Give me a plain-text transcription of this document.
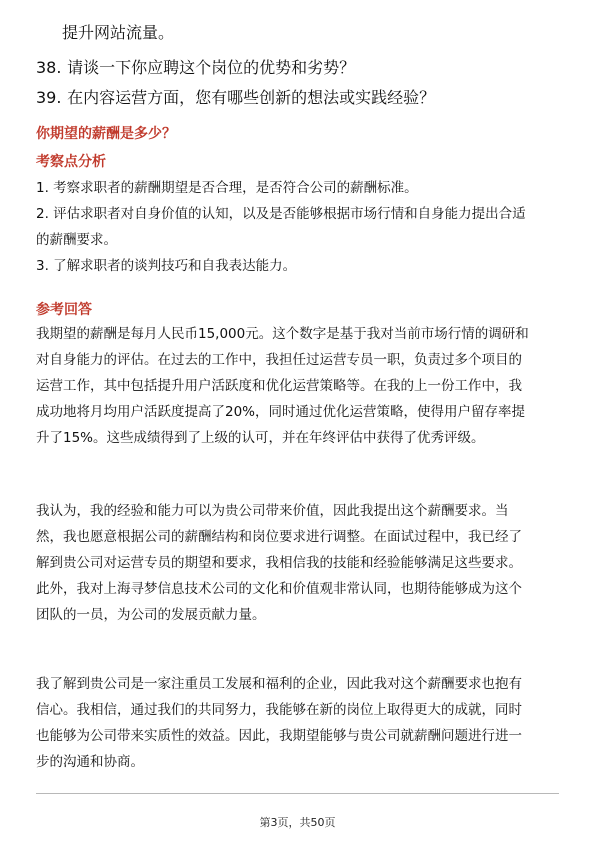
提升网站流量。
38. 请谈一下你应聘这个岗位的优势和劣势？
39. 在内容运营方面，您有哪些创新的想法或实践经验？
你期望的薪酬是多少？
考察点分析
1. 考察求职者的薪酬期望是否合理，是否符合公司的薪酬标准。
2. 评估求职者对自身价值的认知，以及是否能够根据市场行情和自身能力提出合适
的薪酬要求。
3. 了解求职者的谈判技巧和自我表达能力。
参考回答
我期望的薪酬是每月人民币15,000元。这个数字是基于我对当前市场行情的调研和
对自身能力的评估。在过去的工作中，我担任过运营专员一职，负责过多个项目的
运营工作，其中包括提升用户活跃度和优化运营策略等。在我的上一份工作中，我
成功地将月均用户活跃度提高了20%，同时通过优化运营策略，使得用户留存率提
升了15%。这些成绩得到了上级的认可，并在年终评估中获得了优秀评级。
我认为，我的经验和能力可以为贵公司带来价值，因此我提出这个薪酬要求。当
然，我也愿意根据公司的薪酬结构和岗位要求进行调整。在面试过程中，我已经了
解到贵公司对运营专员的期望和要求，我相信我的技能和经验能够满足这些要求。
此外，我对上海寻梦信息技术公司的文化和价值观非常认同，也期待能够成为这个
团队的一员，为公司的发展贡献力量。
我了解到贵公司是一家注重员工发展和福利的企业，因此我对这个薪酬要求也抱有
信心。我相信，通过我们的共同努力，我能够在新的岗位上取得更大的成就，同时
也能够为公司带来实质性的效益。因此，我期望能够与贵公司就薪酬问题进行进一
步的沟通和协商。
第3页，共50页
